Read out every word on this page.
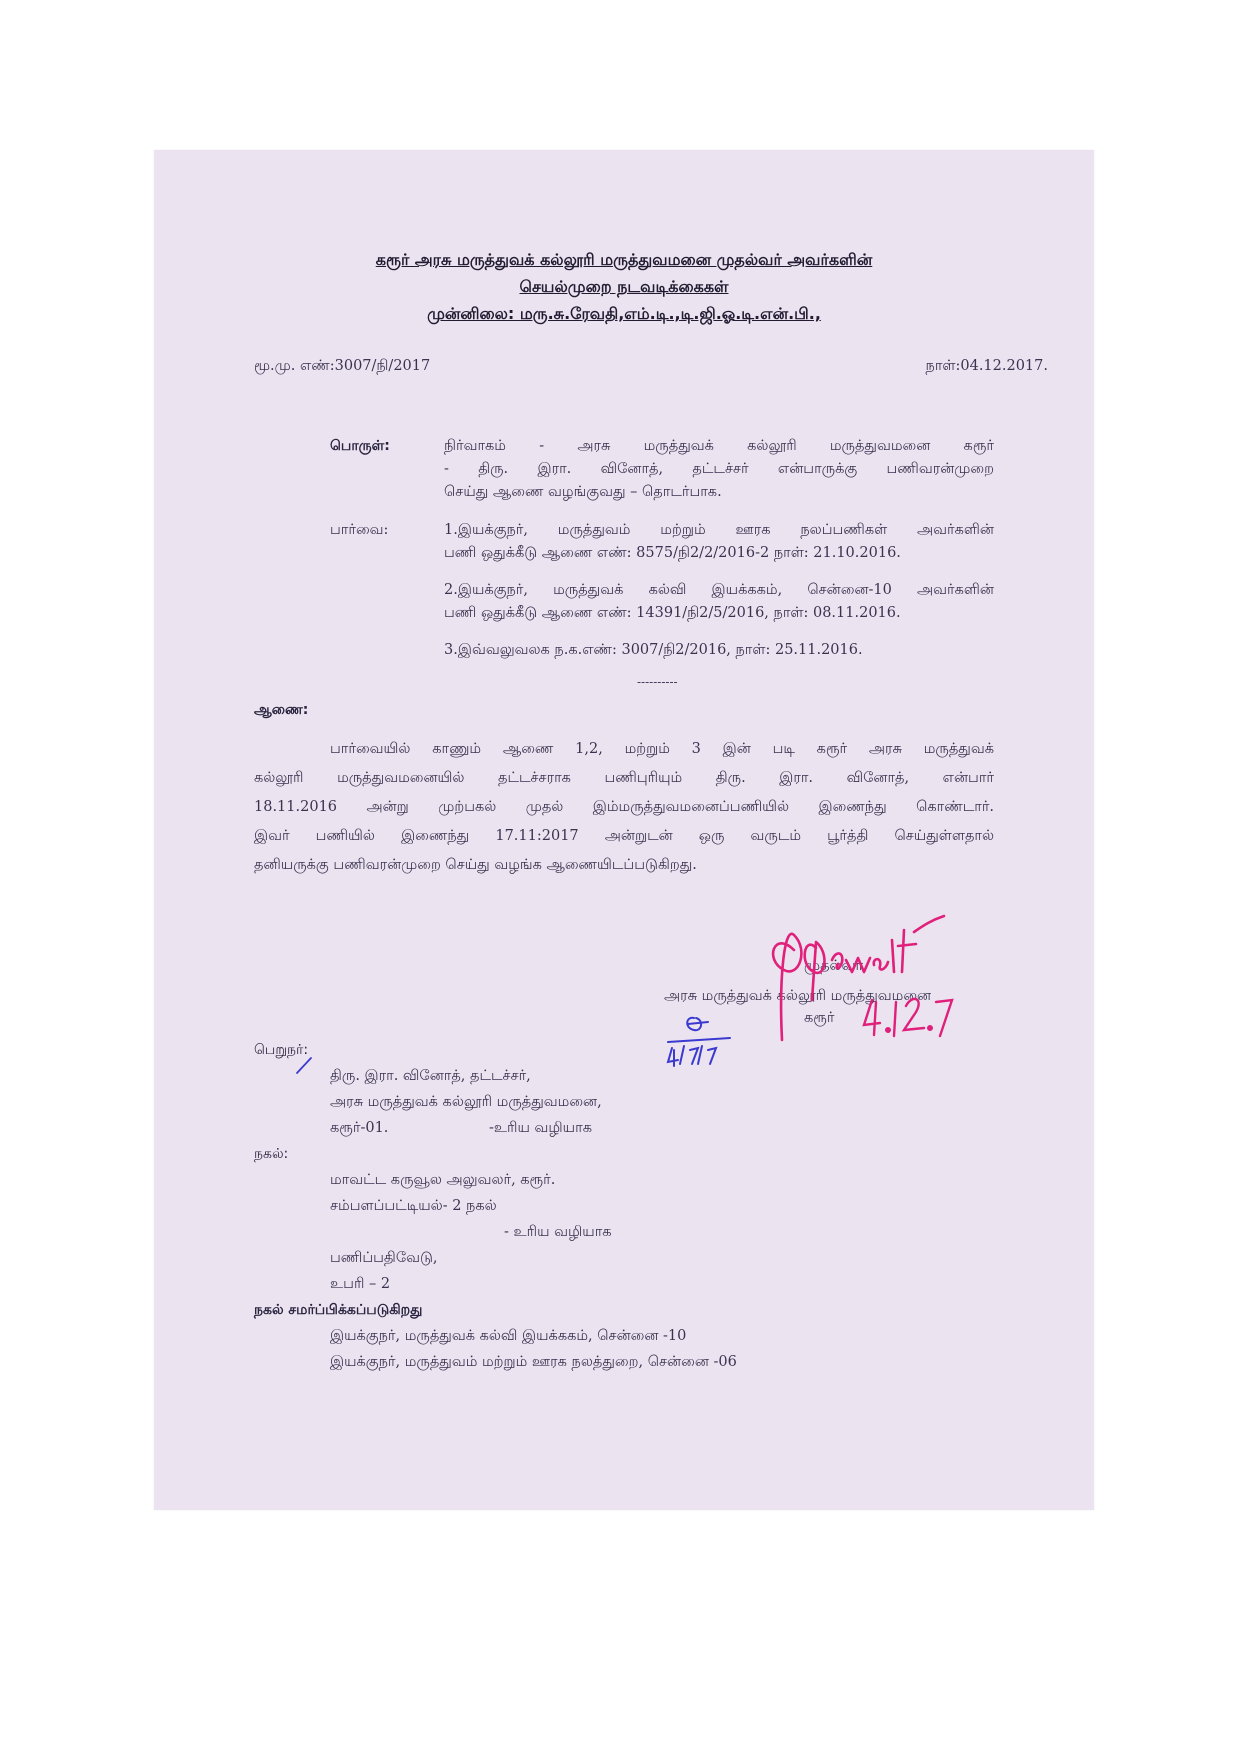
கரூர் அரசு மருத்துவக் கல்லூரி மருத்துவமனை முதல்வர் அவர்களின்
செயல்முறை நடவடிக்கைகள்
முன்னிலை: மரு.சு.ரேவதி,எம்.டி.,டி.ஜி.ஓ.டி.என்.பி.,
மூ.மு. எண்:3007/நி/2017	நாள்:04.12.2017.
பொருள்:	நிர்வாகம் - அரசு மருத்துவக் கல்லூரி மருத்துவமனை கரூர்
- திரு. இரா. வினோத், தட்டச்சர் என்பாருக்கு பணிவரன்முறை
செய்து ஆணை வழங்குவது – தொடர்பாக.
பார்வை:	1.இயக்குநர், மருத்துவம் மற்றும் ஊரக நலப்பணிகள் அவர்களின்
பணி ஒதுக்கீடு ஆணை எண்: 8575/நி2/2/2016-2 நாள்: 21.10.2016.
2.இயக்குநர், மருத்துவக் கல்வி இயக்ககம், சென்னை-10 அவர்களின்
பணி ஒதுக்கீடு ஆணை எண்: 14391/நி2/5/2016, நாள்: 08.11.2016.
3.இவ்வலுவலக ந.க.எண்: 3007/நி2/2016, நாள்: 25.11.2016.
----------
ஆணை:
பார்வையில் காணும் ஆணை 1,2, மற்றும் 3 இன் படி கரூர் அரசு மருத்துவக்
கல்லூரி மருத்துவமனையில் தட்டச்சராக பணிபுரியும் திரு. இரா. வினோத், என்பார்
18.11.2016 அன்று முற்பகல் முதல் இம்மருத்துவமனைப்பணியில் இணைந்து கொண்டார்.
இவர் பணியில் இணைந்து 17.11:2017 அன்றுடன் ஒரு வருடம் பூர்த்தி செய்துள்ளதால்
தனியருக்கு பணிவரன்முறை செய்து வழங்க ஆணையிடப்படுகிறது.
முதல்வர்
அரசு மருத்துவக் கல்லூரி மருத்துவமனை
கரூர்
பெறுநர்:
திரு. இரா. வினோத், தட்டச்சர்,
அரசு மருத்துவக் கல்லூரி மருத்துவமனை,
கரூர்-01.	-உரிய வழியாக
நகல்:
மாவட்ட கருவூல அலுவலர், கரூர்.
சம்பளப்பட்டியல்- 2 நகல்
- உரிய வழியாக
பணிப்பதிவேடு,
உபரி – 2
நகல் சமர்ப்பிக்கப்படுகிறது
இயக்குநர், மருத்துவக் கல்வி இயக்ககம், சென்னை -10
இயக்குநர், மருத்துவம் மற்றும் ஊரக நலத்துறை, சென்னை -06
